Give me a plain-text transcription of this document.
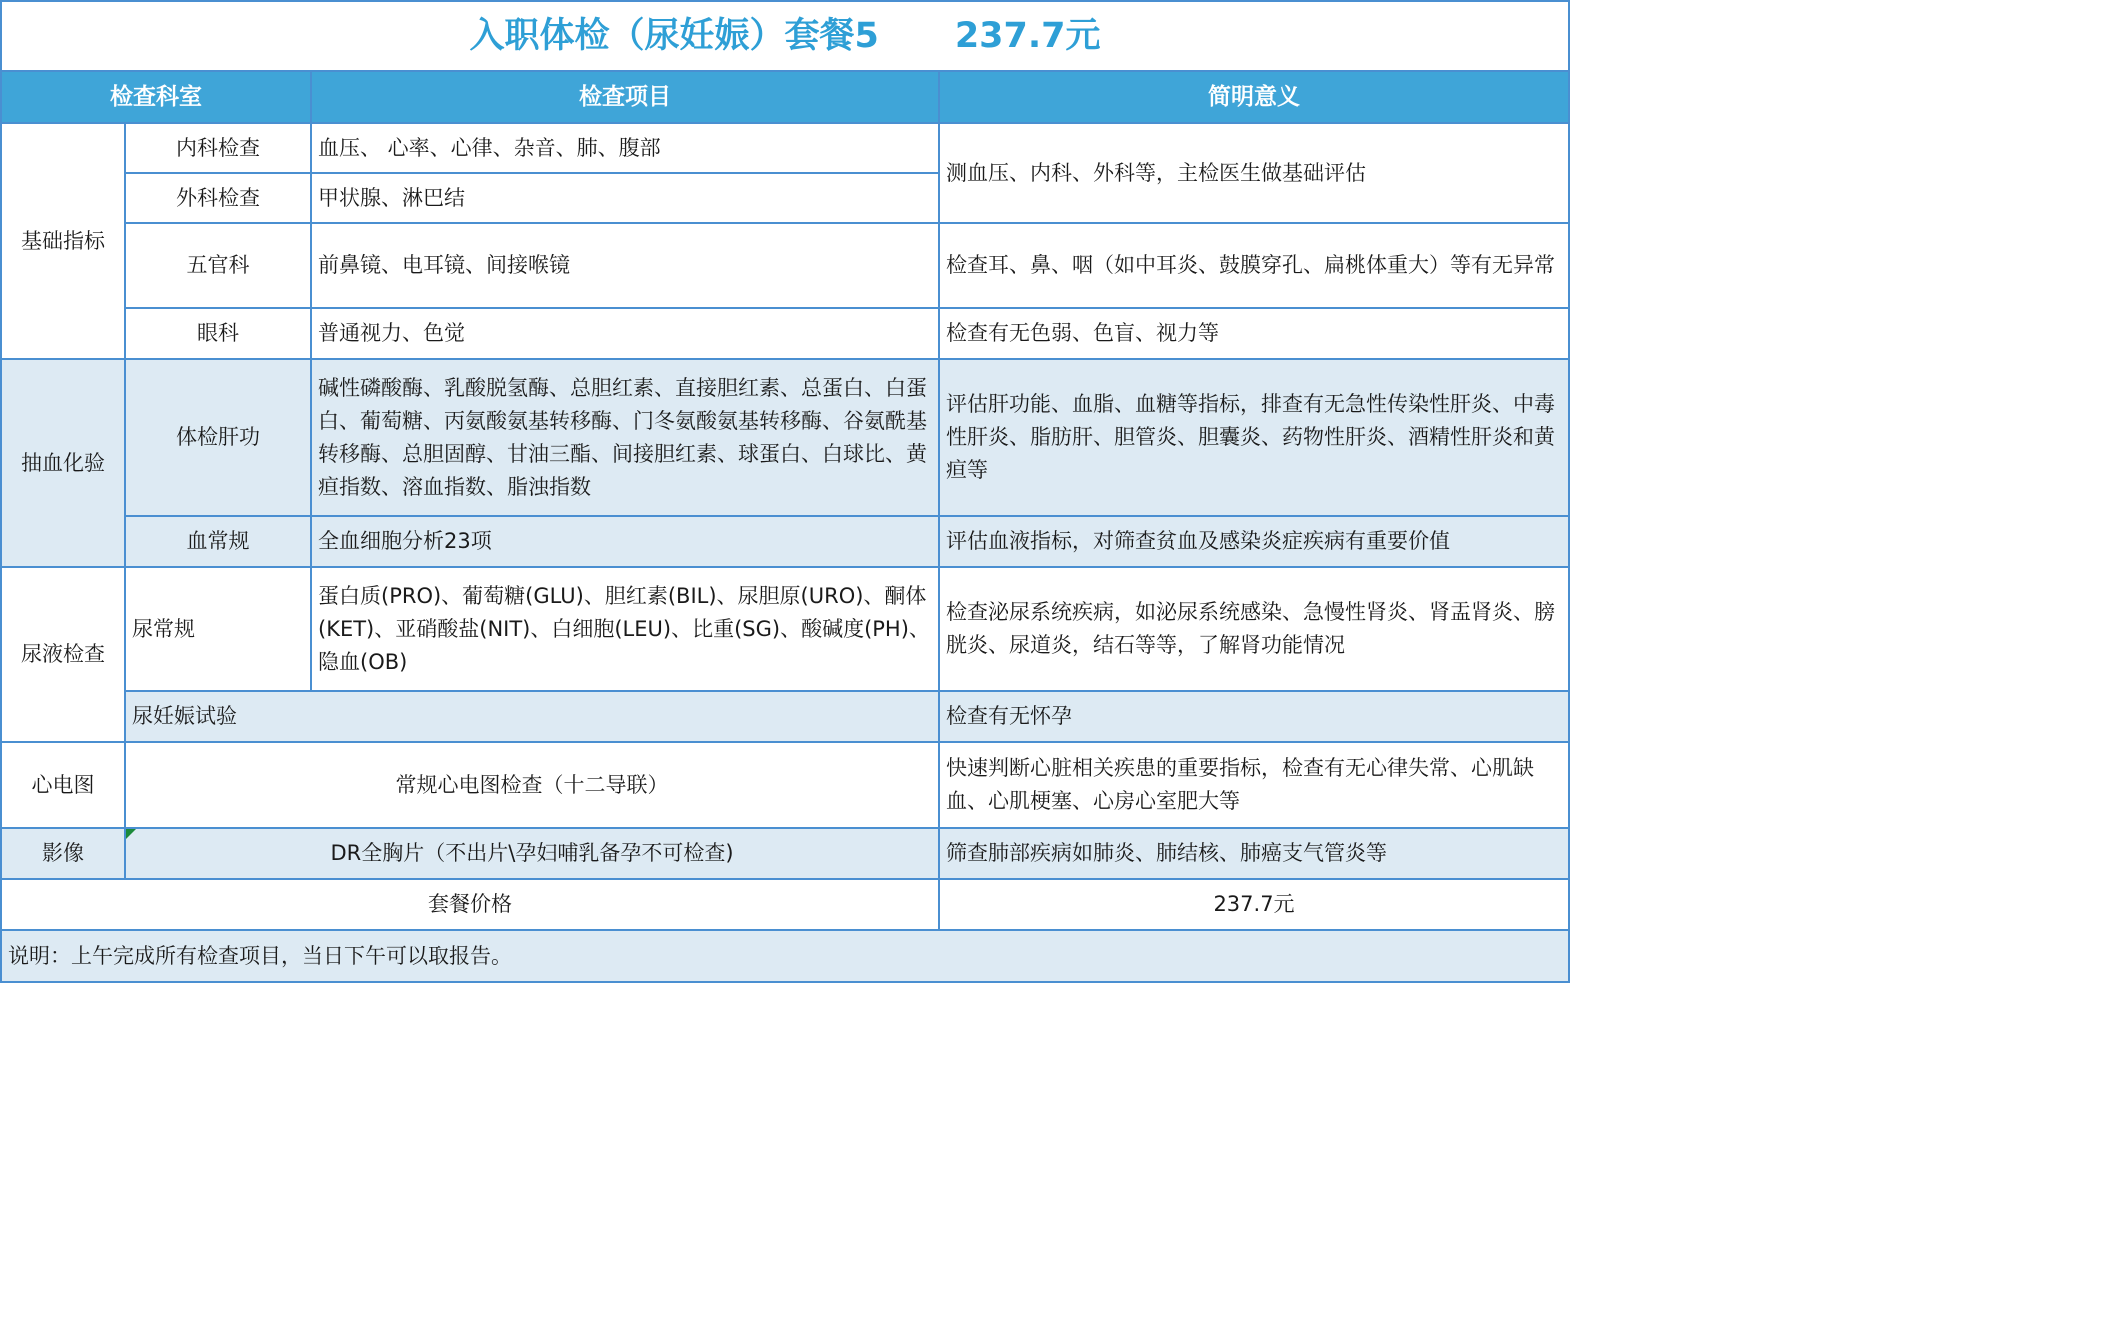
入职体检（尿妊娠）套餐5 237.7元			
检查科室		检查项目	简明意义
基础指标	内科检查	血压、 心率、心律、杂音、肺、腹部	测血压、内科、外科等，主检医生做基础评估
	外科检查	甲状腺、淋巴结	
	五官科	前鼻镜、电耳镜、间接喉镜	检查耳、鼻、咽（如中耳炎、鼓膜穿孔、扁桃体重大）等有无异常
	眼科	普通视力、色觉	检查有无色弱、色盲、视力等
抽血化验	体检肝功	碱性磷酸酶、乳酸脱氢酶、总胆红素、直接胆红素、总蛋白、白蛋白、葡萄糖、丙氨酸氨基转移酶、门冬氨酸氨基转移酶、谷氨酰基转移酶、总胆固醇、甘油三酯、间接胆红素、球蛋白、白球比、黄疸指数、溶血指数、脂浊指数	评估肝功能、血脂、血糖等指标，排查有无急性传染性肝炎、中毒性肝炎、脂肪肝、胆管炎、胆囊炎、药物性肝炎、酒精性肝炎和黄疸等
	血常规	全血细胞分析23项	评估血液指标，对筛查贫血及感染炎症疾病有重要价值
尿液检查	尿常规	蛋白质(PRO)、葡萄糖(GLU)、胆红素(BIL)、尿胆原(URO)、酮体(KET)、亚硝酸盐(NIT)、白细胞(LEU)、比重(SG)、酸碱度(PH)、隐血(OB)	检查泌尿系统疾病，如泌尿系统感染、急慢性肾炎、肾盂肾炎、膀胱炎、尿道炎，结石等等，了解肾功能情况
	尿妊娠试验		检查有无怀孕
心电图	常规心电图检查（十二导联）		快速判断心脏相关疾患的重要指标，检查有无心律失常、心肌缺血、心肌梗塞、心房心室肥大等
影像	DR全胸片（不出片\孕妇哺乳备孕不可检查)		筛查肺部疾病如肺炎、肺结核、肺癌支气管炎等
套餐价格			237.7元
说明：上午完成所有检查项目，当日下午可以取报告。			
